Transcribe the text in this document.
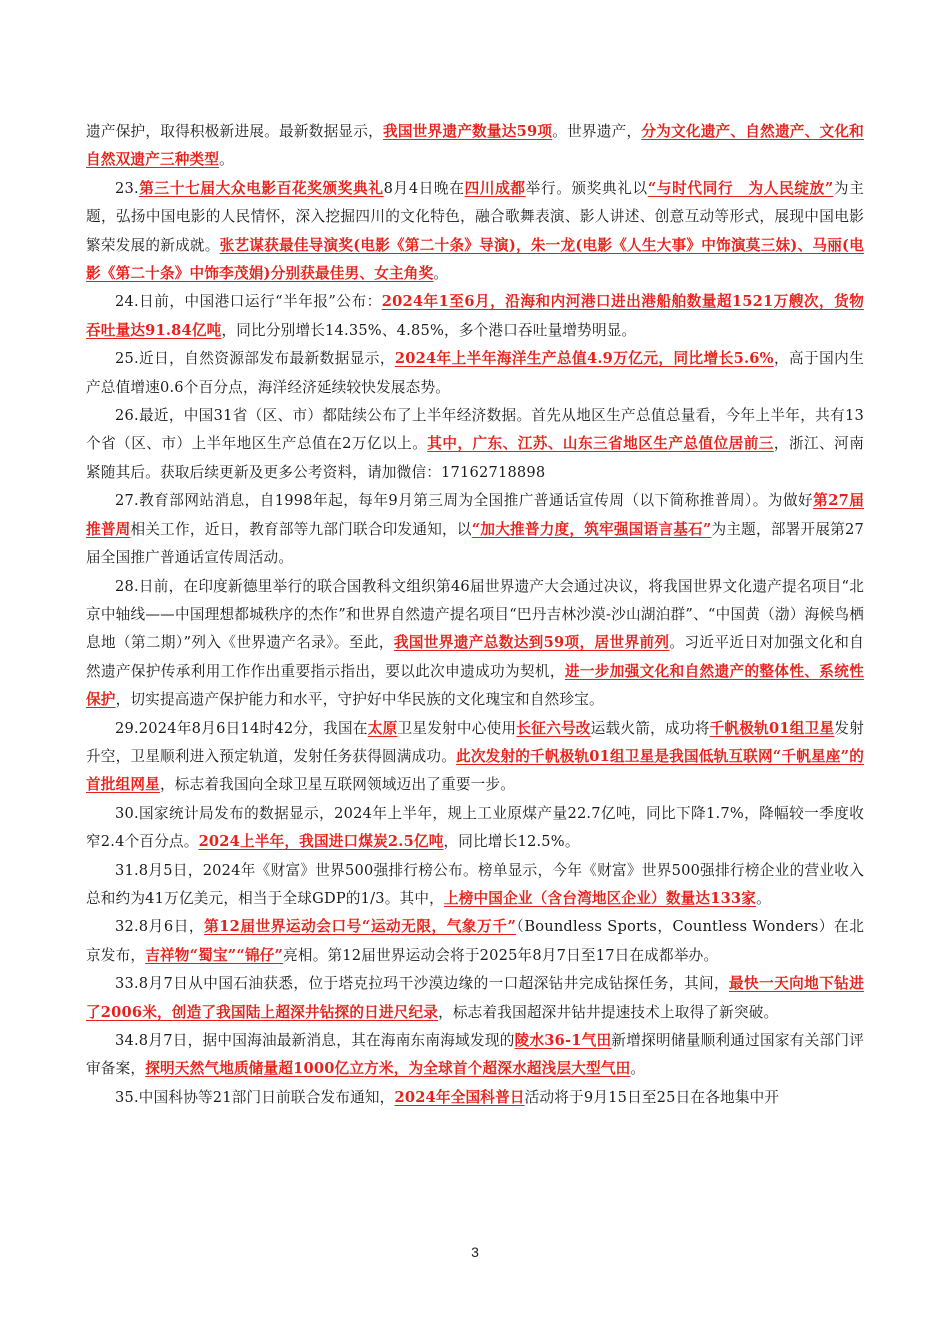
遗产保护，取得积极新进展。最新数据显示，我国世界遗产数量达59项。世界遗产，分为文化遗产、自然遗产、文化和自然双遗产三种类型。

23.第三十七届大众电影百花奖颁奖典礼8月4日晚在四川成都举行。颁奖典礼以“与时代同行　为人民绽放”为主题，弘扬中国电影的人民情怀，深入挖掘四川的文化特色，融合歌舞表演、影人讲述、创意互动等形式，展现中国电影繁荣发展的新成就。张艺谋获最佳导演奖(电影《第二十条》导演)，朱一龙(电影《人生大事》中饰演莫三妹)、马丽(电影《第二十条》中饰李茂娟)分别获最佳男、女主角奖。

24.日前，中国港口运行“半年报”公布：2024年1至6月，沿海和内河港口进出港船舶数量超1521万艘次，货物吞吐量达91.84亿吨，同比分别增长14.35%、4.85%，多个港口吞吐量增势明显。

25.近日，自然资源部发布最新数据显示，2024年上半年海洋生产总值4.9万亿元，同比增长5.6%，高于国内生产总值增速0.6个百分点，海洋经济延续较快发展态势。

26.最近，中国31省（区、市）都陆续公布了上半年经济数据。首先从地区生产总值总量看，今年上半年，共有13个省（区、市）上半年地区生产总值在2万亿以上。其中，广东、江苏、山东三省地区生产总值位居前三，浙江、河南紧随其后。获取后续更新及更多公考资料，请加微信：17162718898

27.教育部网站消息，自1998年起，每年9月第三周为全国推广普通话宣传周（以下简称推普周）。为做好第27届推普周相关工作，近日，教育部等九部门联合印发通知，以“加大推普力度，筑牢强国语言基石”为主题，部署开展第27届全国推广普通话宣传周活动。

28.日前，在印度新德里举行的联合国教科文组织第46届世界遗产大会通过决议，将我国世界文化遗产提名项目“北京中轴线——中国理想都城秩序的杰作”和世界自然遗产提名项目“巴丹吉林沙漠-沙山湖泊群”、“中国黄（渤）海候鸟栖息地（第二期）”列入《世界遗产名录》。至此，我国世界遗产总数达到59项，居世界前列。习近平近日对加强文化和自然遗产保护传承利用工作作出重要指示指出，要以此次申遗成功为契机，进一步加强文化和自然遗产的整体性、系统性保护，切实提高遗产保护能力和水平，守护好中华民族的文化瑰宝和自然珍宝。

29.2024年8月6日14时42分，我国在太原卫星发射中心使用长征六号改运载火箭，成功将千帆极轨01组卫星发射升空，卫星顺利进入预定轨道，发射任务获得圆满成功。此次发射的千帆极轨01组卫星是我国低轨互联网“千帆星座”的首批组网星，标志着我国向全球卫星互联网领域迈出了重要一步。

30.国家统计局发布的数据显示，2024年上半年，规上工业原煤产量22.7亿吨，同比下降1.7%，降幅较一季度收窄2.4个百分点。2024上半年，我国进口煤炭2.5亿吨，同比增长12.5%。

31.8月5日，2024年《财富》世界500强排行榜公布。榜单显示，今年《财富》世界500强排行榜企业的营业收入总和约为41万亿美元，相当于全球GDP的1/3。其中，上榜中国企业（含台湾地区企业）数量达133家。

32.8月6日，第12届世界运动会口号“运动无限，气象万千”（Boundless Sports，Countless Wonders）在北京发布，吉祥物“蜀宝”“锦仔”亮相。第12届世界运动会将于2025年8月7日至17日在成都举办。

33.8月7日从中国石油获悉，位于塔克拉玛干沙漠边缘的一口超深钻井完成钻探任务，其间，最快一天向地下钻进了2006米，创造了我国陆上超深井钻探的日进尺纪录，标志着我国超深井钻井提速技术上取得了新突破。

34.8月7日，据中国海油最新消息，其在海南东南海域发现的陵水36-1气田新增探明储量顺利通过国家有关部门评审备案，探明天然气地质储量超1000亿立方米，为全球首个超深水超浅层大型气田。

35.中国科协等21部门日前联合发布通知，2024年全国科普日活动将于9月15日至25日在各地集中开

3
